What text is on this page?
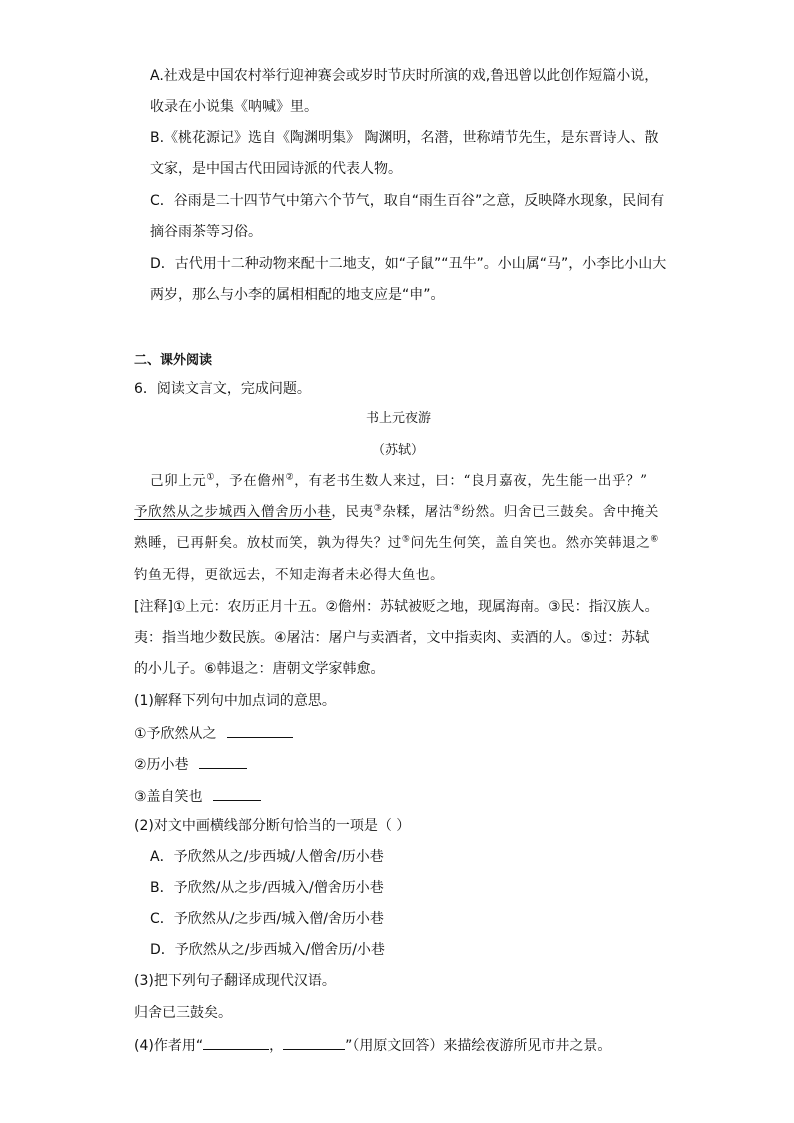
A.社戏是中国农村举行迎神赛会或岁时节庆时所演的戏,鲁迅曾以此创作短篇小说，
收录在小说集《呐喊》里。
B.《桃花源记》选自《陶渊明集》 陶渊明，名潜，世称靖节先生，是东晋诗人、散
文家，是中国古代田园诗派的代表人物。
C．谷雨是二十四节气中第六个节气，取自“雨生百谷”之意，反映降水现象，民间有
摘谷雨茶等习俗。
D．古代用十二种动物来配十二地支，如“子鼠”“丑牛”。小山属“马”，小李比小山大
两岁，那么与小李的属相相配的地支应是“申”。
二、课外阅读
6．阅读文言文，完成问题。
书上元夜游
（苏轼）
己卯上元①，予在儋州②，有老书生数人来过，曰：“良月嘉夜，先生能一出乎？”
予欣然从之步城西入僧舍历小巷，民夷③杂糅，屠沽④纷然。归舍已三鼓矣。舍中掩关
熟睡，已再鼾矣。放杖而笑，孰为得失？过⑤问先生何笑，盖自笑也。然亦笑韩退之⑥
钓鱼无得，更欲远去，不知走海者未必得大鱼也。
[注释]①上元：农历正月十五。②儋州：苏轼被贬之地，现属海南。③民：指汉族人。
夷：指当地少数民族。④屠沽：屠户与卖酒者，文中指卖肉、卖酒的人。⑤过：苏轼
的小儿子。⑥韩退之：唐朝文学家韩愈。
(1)解释下列句中加点词的意思。
①予欣然从之
②历小巷
③盖自笑也
(2)对文中画横线部分断句恰当的一项是（ ）
A．予欣然从之/步西城/人僧舍/历小巷
B．予欣然/从之步/西城入/僧舍历小巷
C．予欣然从/之步西/城入僧/舍历小巷
D．予欣然从之/步西城入/僧舍历/小巷
(3)把下列句子翻译成现代汉语。
归舍已三鼓矣。
(4)作者用“	，	”（用原文回答）来描绘夜游所见市井之景。
